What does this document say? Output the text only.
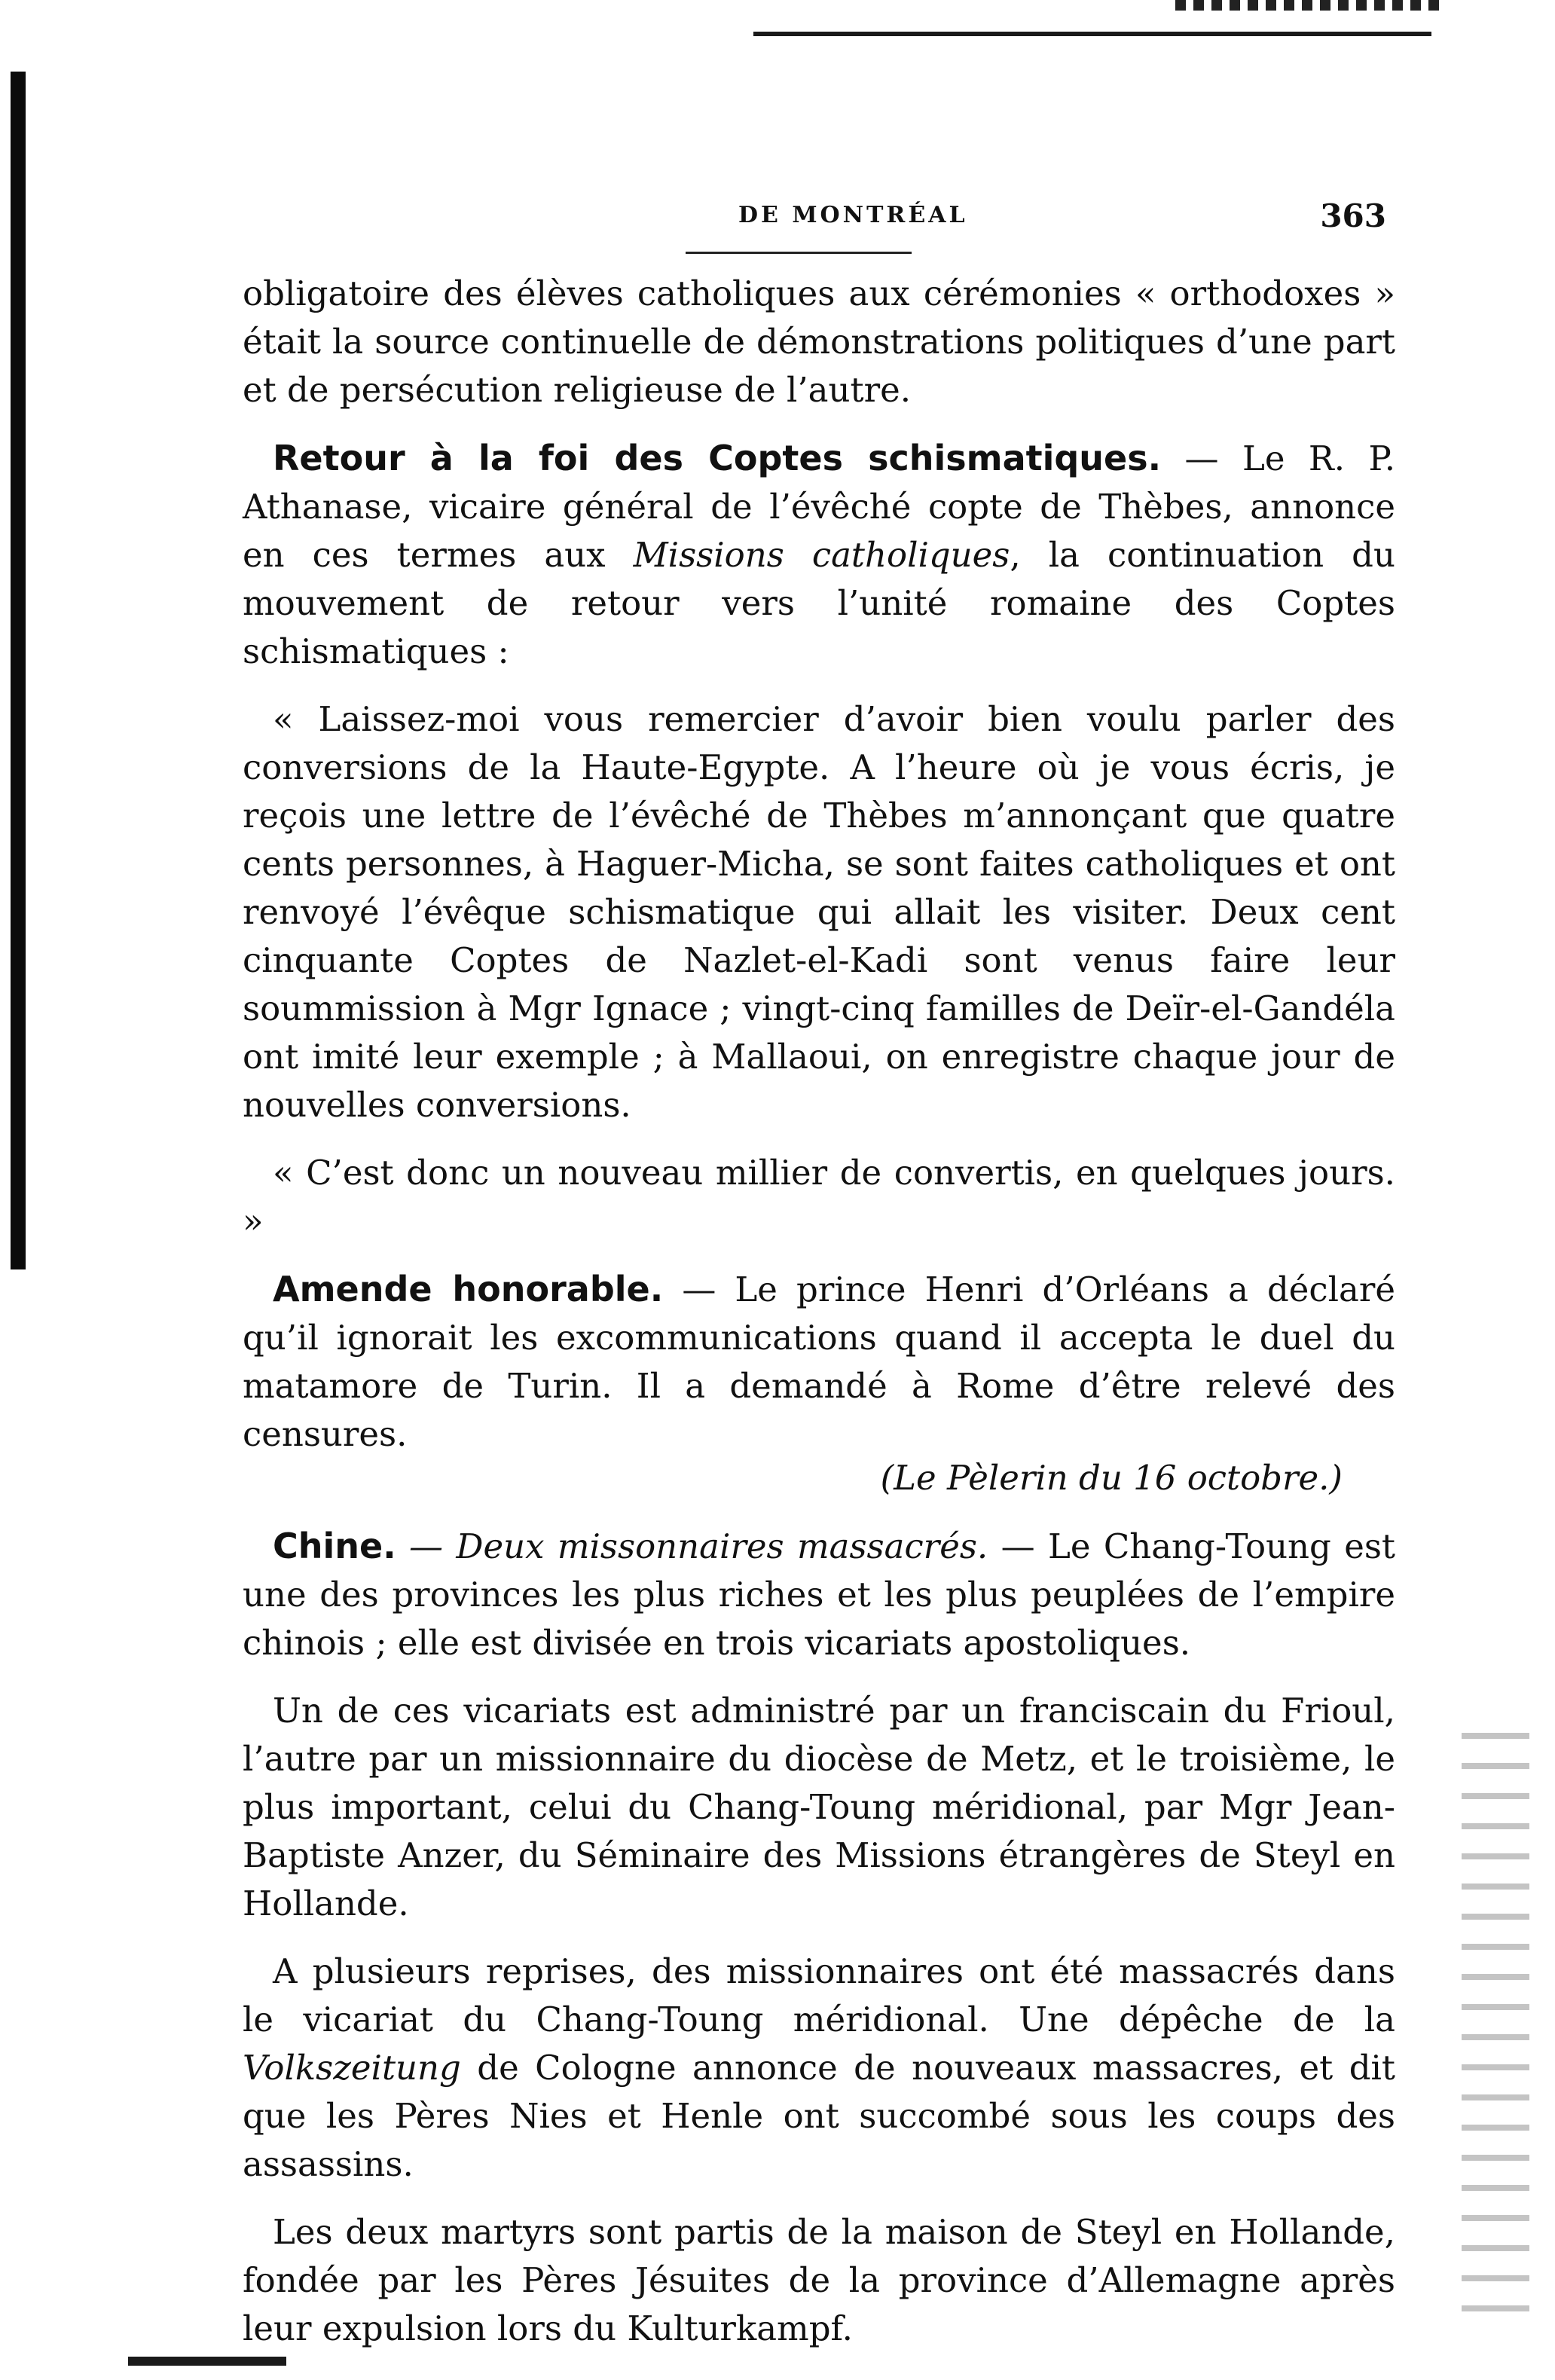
DE MONTRÉAL	363

obligatoire des élèves catholiques aux cérémonies « orthodoxes » était la source continuelle de démonstrations politiques d’une part et de persécution religieuse de l’autre.

Retour à la foi des Coptes schismatiques. — Le R. P. Athanase, vicaire général de l’évêché copte de Thèbes, annonce en ces termes aux Missions catholiques, la continuation du mouvement de retour vers l’unité romaine des Coptes schismatiques :

« Laissez-moi vous remercier d’avoir bien voulu parler des conversions de la Haute-Egypte. A l’heure où je vous écris, je reçois une lettre de l’évêché de Thèbes m’annonçant que quatre cents personnes, à Haguer-Micha, se sont faites catholiques et ont renvoyé l’évêque schismatique qui allait les visiter. Deux cent cinquante Coptes de Nazlet-el-Kadi sont venus faire leur soummission à Mgr Ignace ; vingt-cinq familles de Deïr-el-Gandéla ont imité leur exemple ; à Mallaoui, on enregistre chaque jour de nouvelles conversions.

« C’est donc un nouveau millier de convertis, en quelques jours. »

Amende honorable. — Le prince Henri d’Orléans a déclaré qu’il ignorait les excommunications quand il accepta le duel du matamore de Turin. Il a demandé à Rome d’être relevé des censures.
(Le Pèlerin du 16 octobre.)

Chine. — Deux missonnaires massacrés. — Le Chang-Toung est une des provinces les plus riches et les plus peuplées de l’empire chinois ; elle est divisée en trois vicariats apostoliques.

Un de ces vicariats est administré par un franciscain du Frioul, l’autre par un missionnaire du diocèse de Metz, et le troisième, le plus important, celui du Chang-Toung méridional, par Mgr Jean-Baptiste Anzer, du Séminaire des Missions étrangères de Steyl en Hollande.

A plusieurs reprises, des missionnaires ont été massacrés dans le vicariat du Chang-Toung méridional. Une dépêche de la Volkszeitung de Cologne annonce de nouveaux massacres, et dit que les Pères Nies et Henle ont succombé sous les coups des assassins.

Les deux martyrs sont partis de la maison de Steyl en Hollande, fondée par les Pères Jésuites de la province d’Allemagne après leur expulsion lors du Kulturkampf.
